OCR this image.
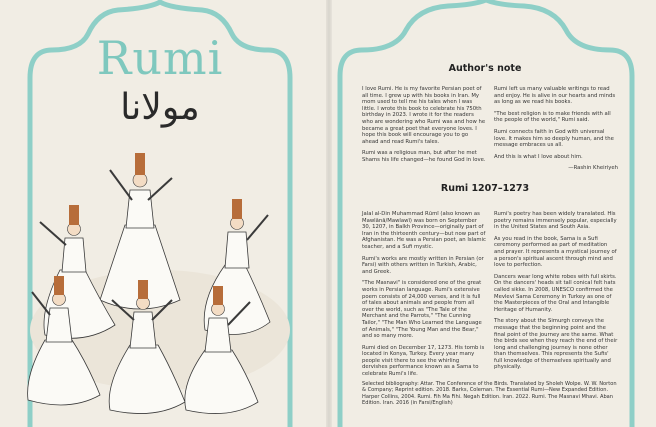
Rumi
مولانا
Author's note

I love Rumi. He is my favorite Persian poet of all time. I grew up with his books in Iran. My mom used to tell me his tales when I was little. I wrote this book to celebrate his 750th birthday in 2023. I wrote it for the readers who are wondering who Rumi was and how he became a great poet that everyone loves. I hope this book will encourage you to go ahead and read Rumi's tales.

Rumi was a religious man, but after he met Shams his life changed—he found God in love.

Rumi left us many valuable writings to read and enjoy. He is alive in our hearts and minds as long as we read his books.

"The best religion is to make friends with all the people of the world," Rumi said.

Rumi connects faith in God with universal love. It makes him so deeply human, and the message embraces us all.

And this is what I love about him.

—Rashin Kheiriyeh

Rumi 1207–1273

Jalal al-Din Muhammad Rūmī (also known as Mawlānā/Mawlawī) was born on September 30, 1207, in Balkh Province—originally part of Iran in the thirteenth century—but now part of Afghanistan. He was a Persian poet, an Islamic teacher, and a Sufi mystic.

Rumi's works are mostly written in Persian (or Farsi) with others written in Turkish, Arabic, and Greek.

"The Masnavi" is considered one of the great works in Persian language. Rumi's extensive poem consists of 24,000 verses, and it is full of tales about animals and people from all over the world, such as "The Tale of the Merchant and the Parrots," "The Cunning Tailor," "The Man Who Learned the Language of Animals," "The Young Man and the Bear," and so many more.

Rumi died on December 17, 1273. His tomb is located in Konya, Turkey. Every year many people visit there to see the whirling dervishes performance known as a Sama to celebrate Rumi's life.

Rumi's poetry has been widely translated. His poetry remains immensely popular, especially in the United States and South Asia.

As you read in the book, Sama is a Sufi ceremony performed as part of meditation and prayer. It represents a mystical journey of a person's spiritual ascent through mind and love to perfection.

Dancers wear long white robes with full skirts. On the dancers' heads sit tall conical felt hats called sikke. In 2008, UNESCO confirmed the Mevlevi Sama Ceremony in Turkey as one of the Masterpieces of the Oral and Intangible Heritage of Humanity.

The story about the Simurgh conveys the message that the beginning point and the final point of the journey are the same. What the birds see when they reach the end of their long and challenging journey is none other than themselves. This represents the Sufis' full knowledge of themselves spiritually and physically.

Selected bibliography: Attar. The Conference of the Birds. Translated by Sholeh Wolpe. W. W. Norton & Company; Reprint edition. 2018. Barks, Coleman. The Essential Rumi—New Expanded Edition. Harper Collins, 2004. Rumi. Fih Ma Fihi. Negah Edition. Iran. 2022. Rumi. The Masnavi Mhavi. Aban Edition. Iran. 2016 (in Farsi/English)
